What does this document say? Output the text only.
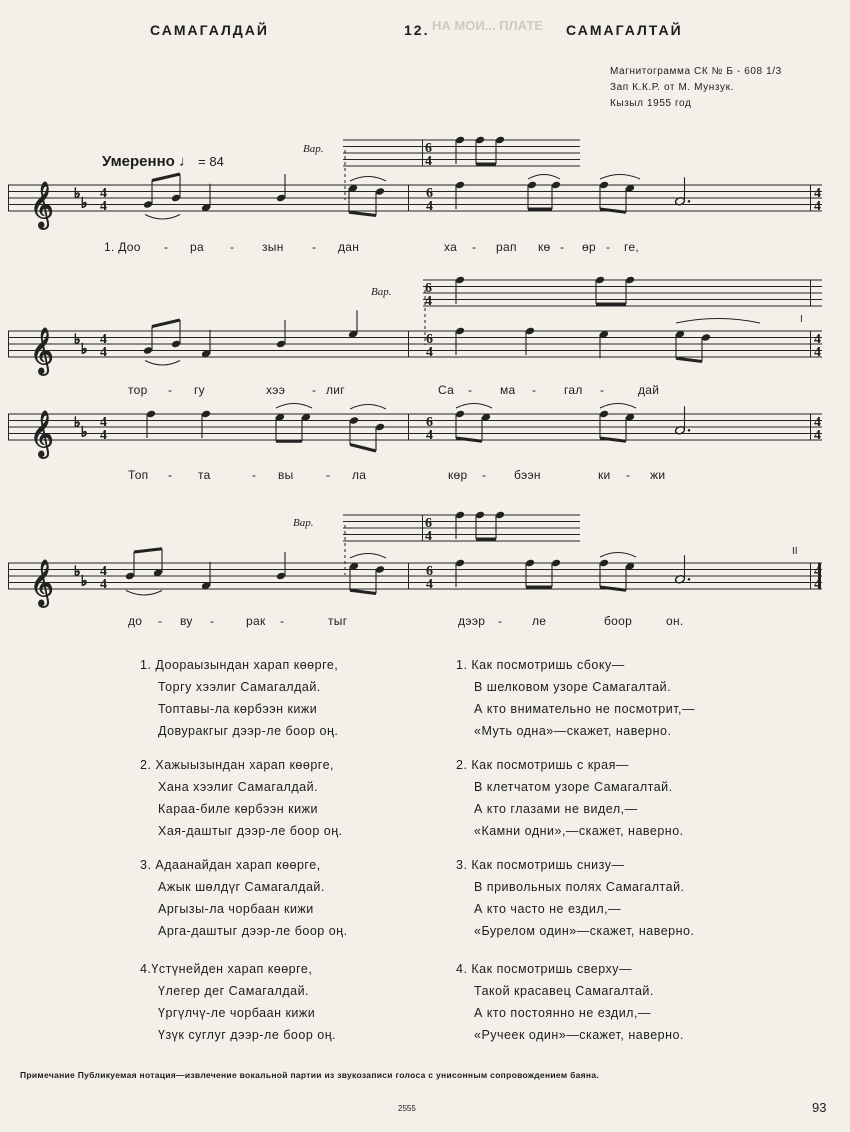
НА МОИ... ПЛАТЕ
САМАГАЛДАЙ	12.	САМАГАЛТАЙ
Магнитограмма СК № Б - 608 1/3
Зап К.К.Р. от М. Мунзук.
Кызыл 1955 год
Умеренно ♩ = 84
Вар.
Вар.
Вар.
𝄞 ♭
♭
𝄞 ♭
♭
𝄞 ♭
♭
𝄞 ♭
♭
4
4
6
4
4
4
4
4
6
4
4
4
4
4
6
4
4
4
4
4
6
4
4
4
6
4
6
4
6
4
1. Доо - ра - зын - дан	ха - рап кө - өр - ге,
тор - гу	хээ - лиг	Са - ма - гал -	дай
Топ - та	- вы	- ла	көр - бээн	ки - жи
до - ву -	рак -	тыг	дээр - ле	боор	он.
I
II
1. Доораызындан харап көөрге,
Торгу хээлиг Самагалдай.
Топтавы-ла көрбээн кижи
Довуракгыг дээр-ле боор оң.
2. Хажыызындан харап көөрге,
Хана хээлиг Самагалдай.
Караа-биле көрбээн кижи
Хая-даштыг дээр-ле боор оң.
3. Адаанайдан харап көөрге,
Ажык шөлдүг Самагалдай.
Аргызы-ла чорбаан кижи
Арга-даштыг дээр-ле боор оң.
4.Үстүнейден харап көөрге,
Үлегер дег Самагалдай.
Үргүлчү-ле чорбаан кижи
Үзүк суглуг дээр-ле боор оң.
1. Как посмотришь сбоку—
В шелковом узоре Самагалтай.
А кто внимательно не посмотрит,—
«Муть одна»—скажет, наверно.
2. Как посмотришь с края—
В клетчатом узоре Самагалтай.
А кто глазами не видел,—
«Камни одни»,—скажет, наверно.
3. Как посмотришь снизу—
В привольных полях Самагалтай.
А кто часто не ездил,—
«Бурелом один»—скажет, наверно.
4. Как посмотришь сверху—
Такой красавец Самагалтай.
А кто постоянно не ездил,—
«Ручеек один»—скажет, наверно.
Примечание Публикуемая нотация—извлечение вокальной партии из звукозаписи голоса с унисонным сопровождением баяна.
2555	93
